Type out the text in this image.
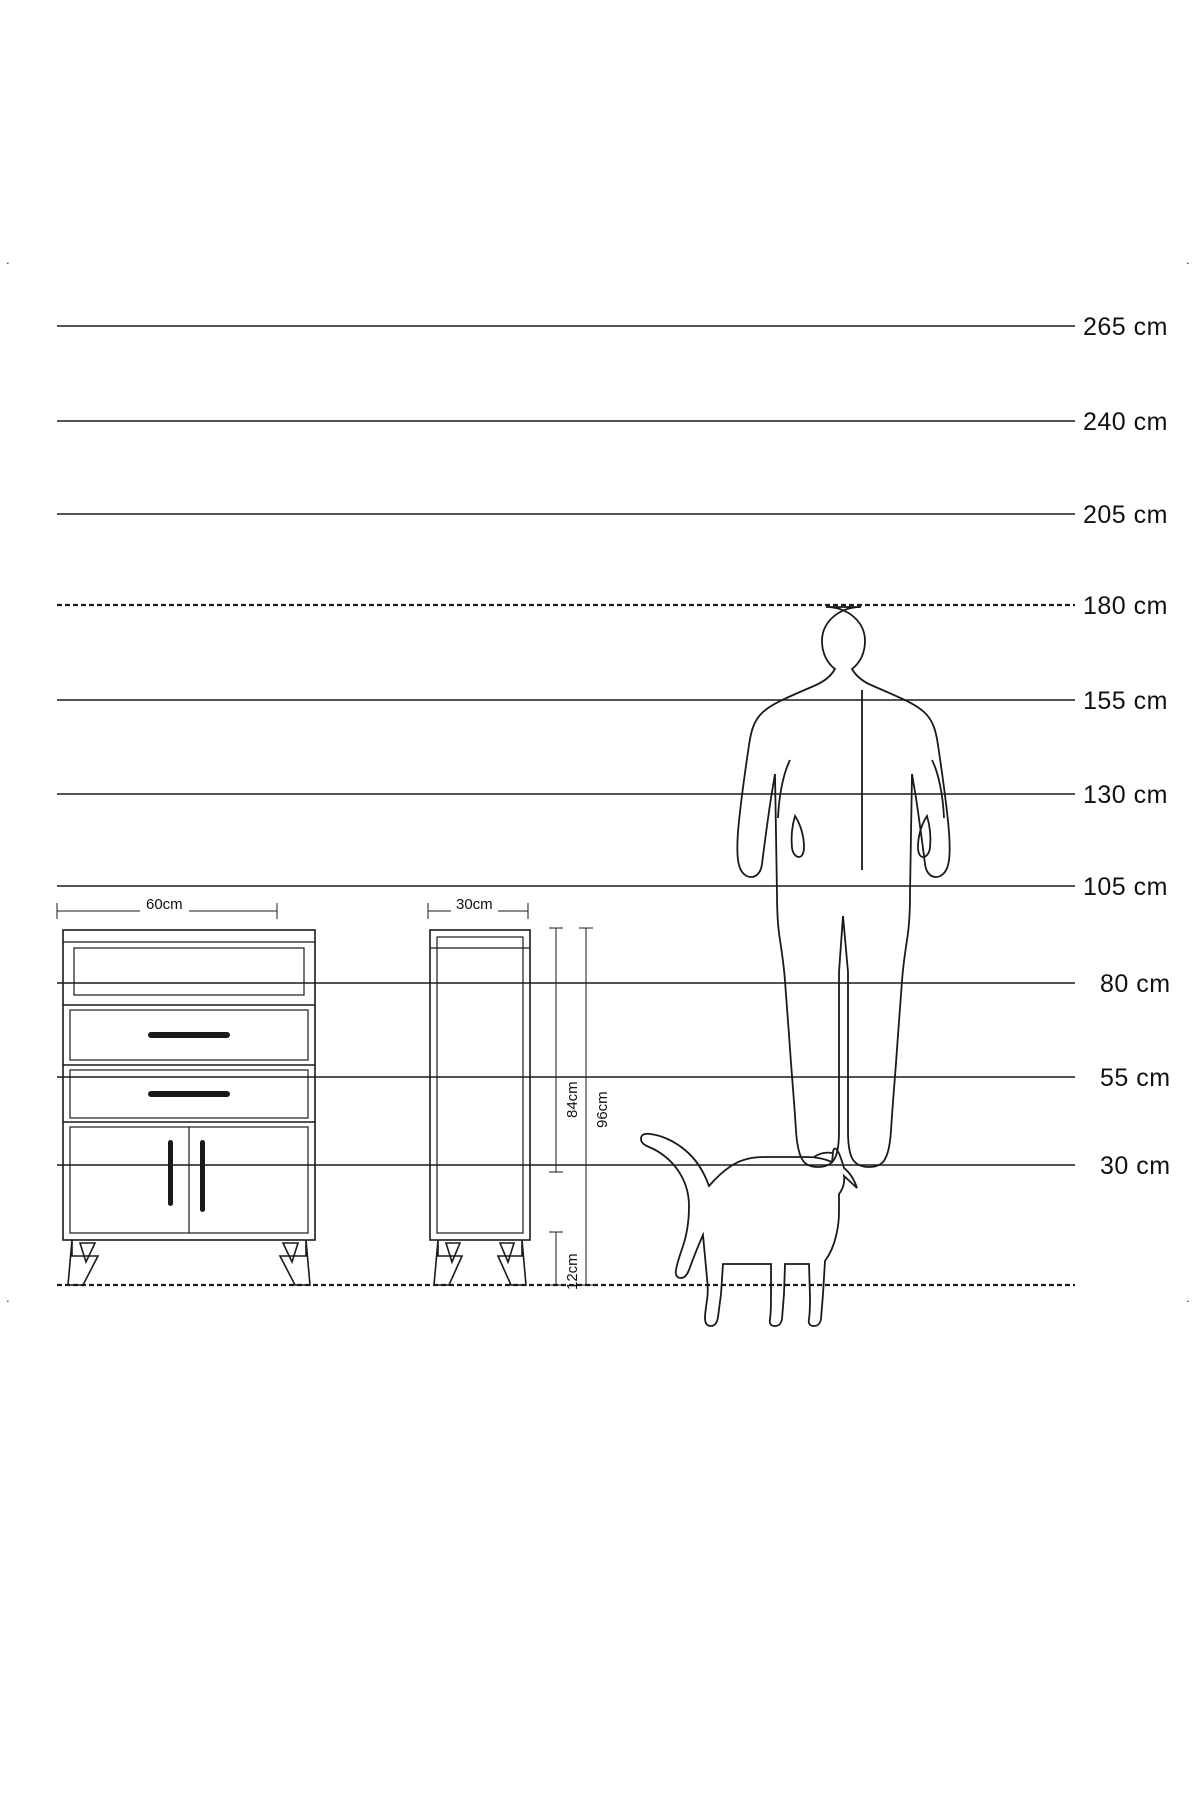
265 cm
240 cm
205 cm
180 cm
155 cm
130 cm
105 cm
80 cm
55 cm
30 cm
60cm	30cm
84cm 96cm
12cm
.	.
.	.
